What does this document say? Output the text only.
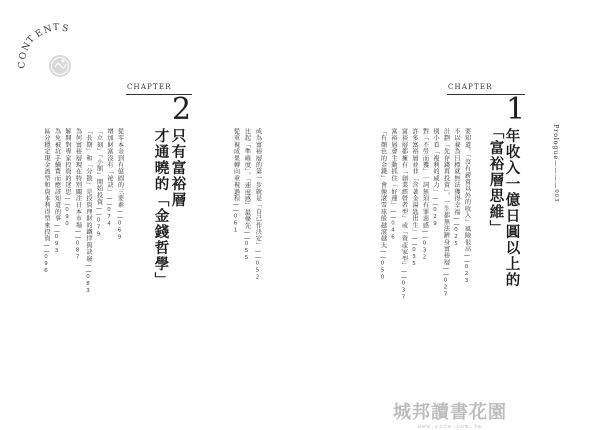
C
O
N
T
E
N T S
Prologue————003
CHAPTER
1
年收入一億日圓以上的
「富裕層思維」
要知道，「沒有薪資以外的收入」風險很高——023
不以養為目標就無法獲得幸福——025
計劃「先存錢再投資」，一生都無法躋身富裕層——027
別小看「複利的威力」——029
對「不勞而獲」一詞無須有罪惡感——032
許多富裕層並非「含著金湯匙出生」——035
富裕層都擁有「創業經營者型」或「資產家型」——037
富裕層會主動抓住「好運」——046
「有顏色的金錢」會像滾雪球般越滾越大——050
CHAPTER
2
只有富裕層
才通曉的「金錢哲學」	成為富裕層的第一步就是「自己作決定」——052
比起「準確度」，「速度感」最優先——055
從重視成果轉向重視過程——061
從零本金到有億圓的三要素——069
增加財富沒有「祕訣」——074
「立刻」「小額」開始投資——079
「長期」和「分散」是投資理財的鐵律與訣竅——083
為何富裕層現在特別關注日本市場——087
解開對專家投資的迷思——090
為免被坑手續費而應該知道的事——093
區分穩定現金流型和資本利得型來投資——096
城邦讀書花園
www.cite.com.tw
